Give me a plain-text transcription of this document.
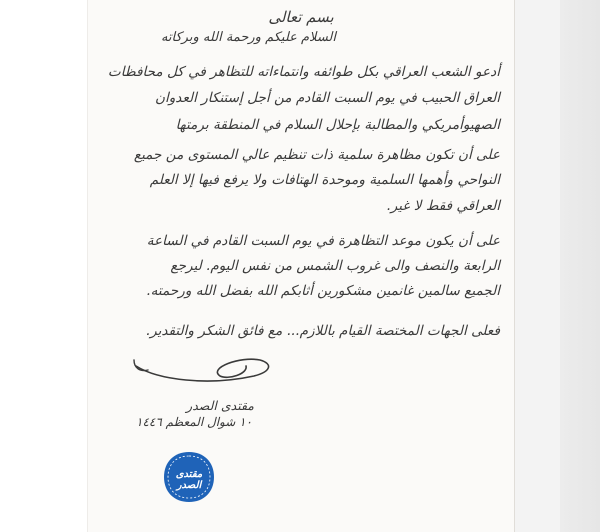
بسم تعالى
السلام عليكم ورحمة الله وبركاته
أدعو الشعب العراقي بكل طوائفه وانتماءاته للتظاهر في كل محافظات
العراق الحبيب في يوم السبت القادم من أجل إستنكار العدوان
الصهيوأمريكي والمطالبة بإحلال السلام في المنطقة برمتها
على أن تكون مظاهرة سلمية ذات تنظيم عالي المستوى من جميع
النواحي وأهمها السلمية وموحدة الهتافات ولا يرفع فيها إلا العلم
العراقي فقط لا غير.
على أن يكون موعد التظاهرة في يوم السبت القادم في الساعة
الرابعة والنصف والى غروب الشمس من نفس اليوم. ليرجع
الجميع سالمين غانمين مشكورين أثابكم الله بفضل الله ورحمته.
فعلى الجهات المختصة القيام باللازم... مع فائق الشكر والتقدير.
مقتدى الصدر
١٠ شوال المعظم ١٤٤٦
مقتدى الصدر
